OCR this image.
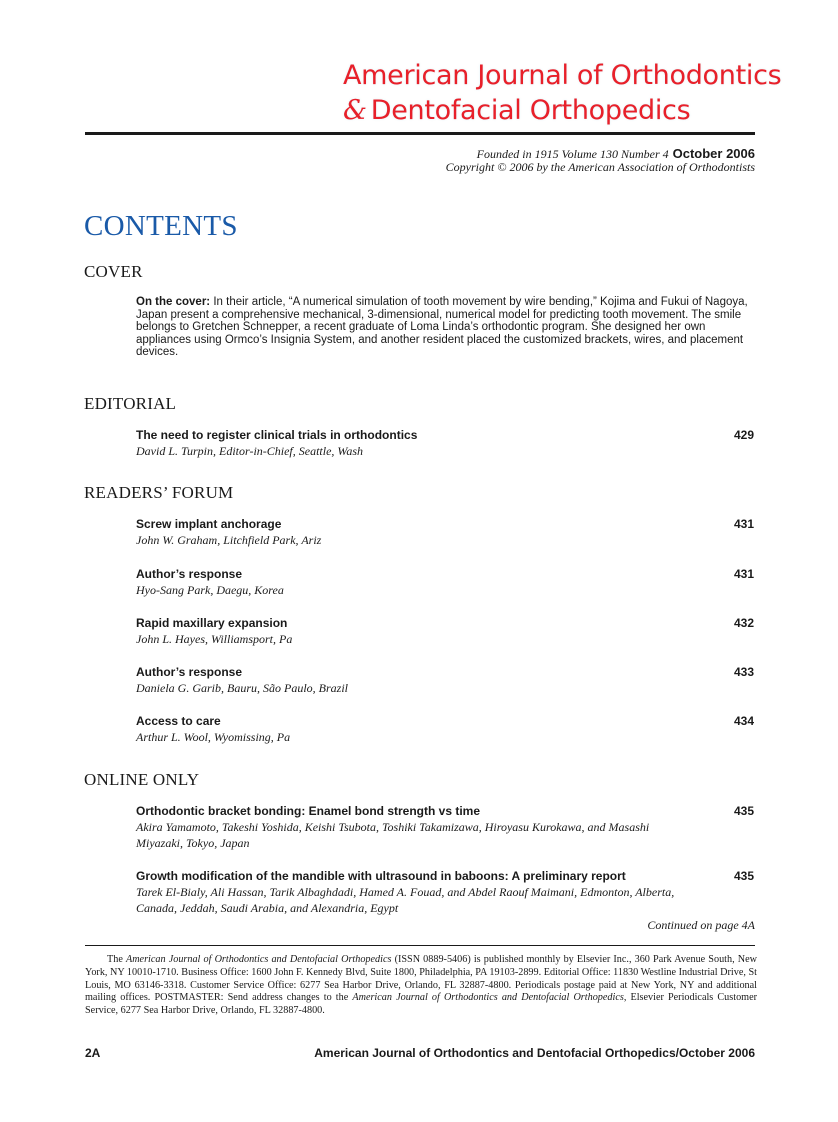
American Journal of Orthodontics
& Dentofacial Orthopedics
Founded in 1915 Volume 130 Number 4 October 2006
Copyright © 2006 by the American Association of Orthodontists
CONTENTS
COVER
On the cover: In their article, “A numerical simulation of tooth movement by wire bending,” Kojima and Fukui of Nagoya, Japan present a comprehensive mechanical, 3-dimensional, numerical model for predicting tooth movement. The smile belongs to Gretchen Schnepper, a recent graduate of Loma Linda’s orthodontic program. She designed her own appliances using Ormco’s Insignia System, and another resident placed the customized brackets, wires, and placement devices.
EDITORIAL
The need to register clinical trials in orthodontics
David L. Turpin, Editor-in-Chief, Seattle, Wash
429
READERS’ FORUM
Screw implant anchorage
John W. Graham, Litchfield Park, Ariz
431
Author’s response
Hyo-Sang Park, Daegu, Korea
431
Rapid maxillary expansion
John L. Hayes, Williamsport, Pa
432
Author’s response
Daniela G. Garib, Bauru, São Paulo, Brazil
433
Access to care
Arthur L. Wool, Wyomissing, Pa
434
ONLINE ONLY
Orthodontic bracket bonding: Enamel bond strength vs time
Akira Yamamoto, Takeshi Yoshida, Keishi Tsubota, Toshiki Takamizawa, Hiroyasu Kurokawa, and Masashi Miyazaki, Tokyo, Japan
435
Growth modification of the mandible with ultrasound in baboons: A preliminary report
Tarek El-Bialy, Ali Hassan, Tarik Albaghdadi, Hamed A. Fouad, and Abdel Raouf Maimani, Edmonton, Alberta, Canada, Jeddah, Saudi Arabia, and Alexandria, Egypt
435
Continued on page 4A
The American Journal of Orthodontics and Dentofacial Orthopedics (ISSN 0889-5406) is published monthly by Elsevier Inc., 360 Park Avenue South, New York, NY 10010-1710. Business Office: 1600 John F. Kennedy Blvd, Suite 1800, Philadelphia, PA 19103-2899. Editorial Office: 11830 Westline Industrial Drive, St Louis, MO 63146-3318. Customer Service Office: 6277 Sea Harbor Drive, Orlando, FL 32887-4800. Periodicals postage paid at New York, NY and additional mailing offices. POSTMASTER: Send address changes to the American Journal of Orthodontics and Dentofacial Orthopedics, Elsevier Periodicals Customer Service, 6277 Sea Harbor Drive, Orlando, FL 32887-4800.
2A	American Journal of Orthodontics and Dentofacial Orthopedics/October 2006
